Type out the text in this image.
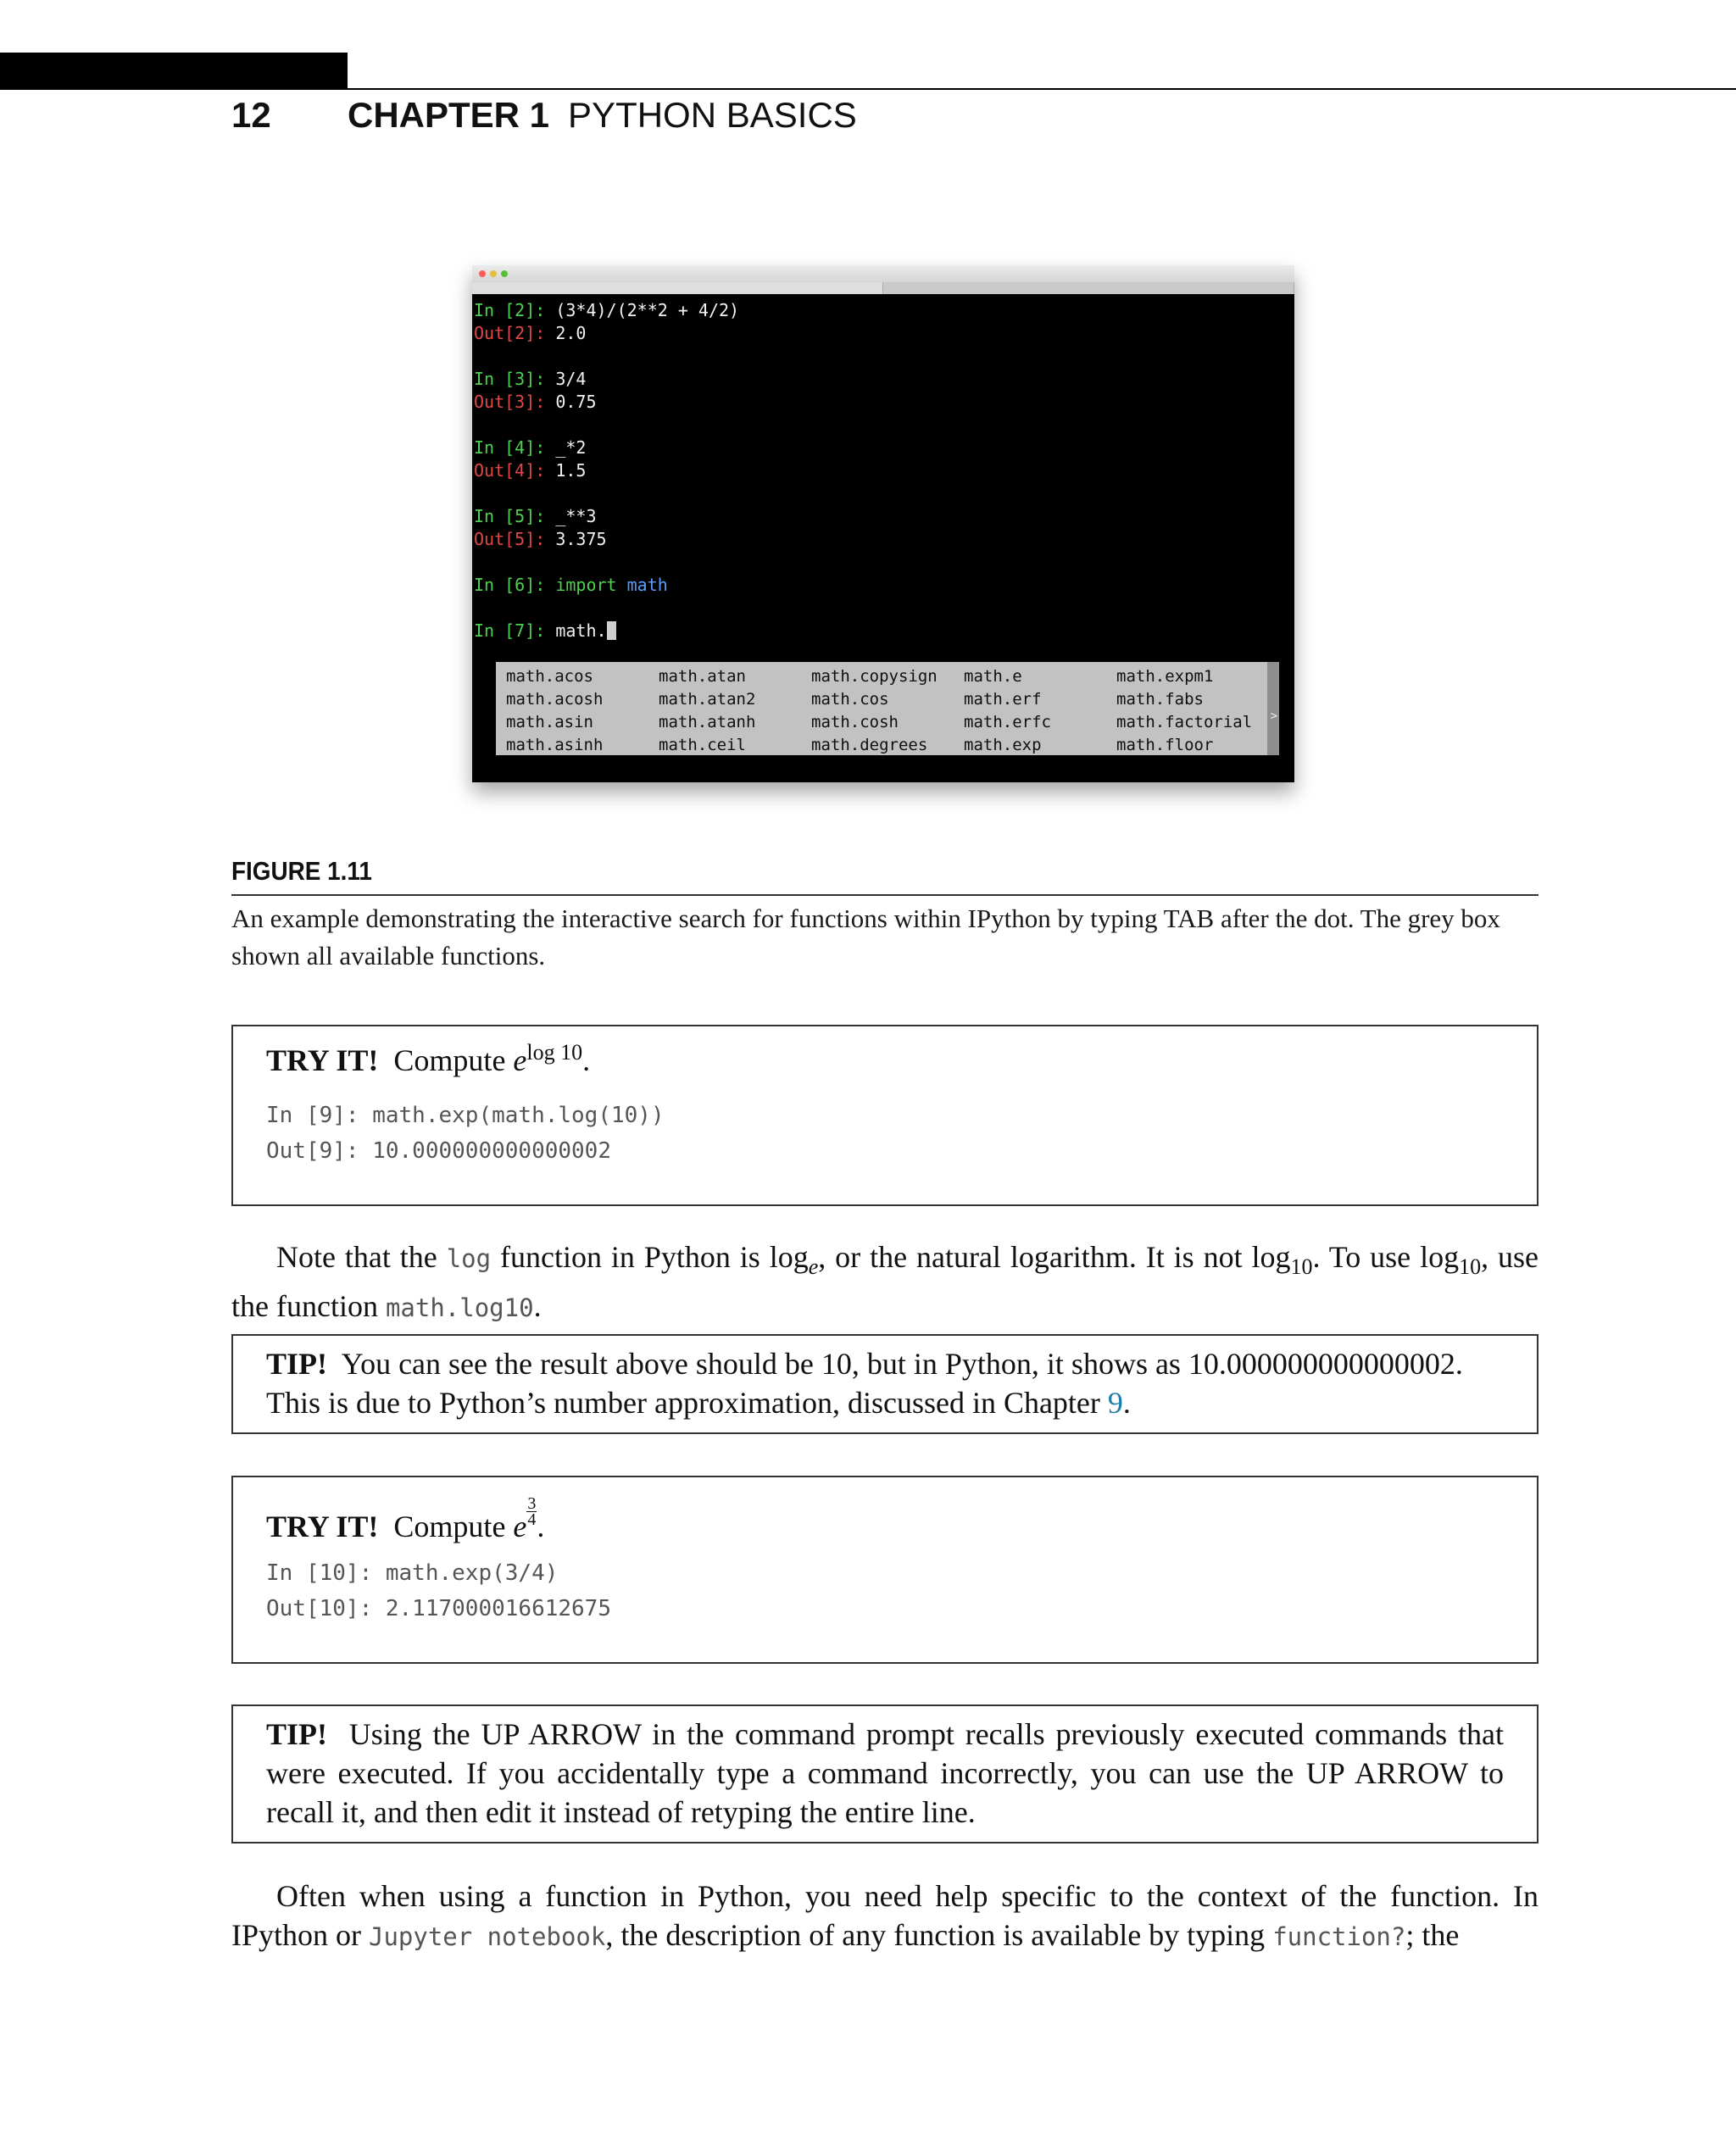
12 CHAPTER 1 PYTHON BASICS
In [2]: (3*4)/(2**2 + 4/2)
Out[2]: 2.0
In [3]: 3/4
Out[3]: 0.75
In [4]: _*2
Out[4]: 1.5
In [5]: _**3
Out[5]: 3.375
In [6]: import math
In [7]: math.
math.acos
math.acosh
math.asin
math.asinh
math.atan
math.atan2
math.atanh
math.ceil
math.copysign
math.cos
math.cosh
math.degrees
math.e
math.erf
math.erfc
math.exp
math.expm1
math.fabs
math.factorial
math.floor
>
FIGURE 1.11
An example demonstrating the interactive search for functions within IPython by typing TAB after the dot. The grey box shown all available functions.
TRY IT! Compute $e^{log 10}$.
In [9]: math.exp(math.log(10))
Out[9]: 10.000000000000002
Note that the log function in Python is $\log_e$, or the natural logarithm. It is not $\log_{10}$. To use $\log_{10}$, use the function math.log10.
TIP! You can see the result above should be 10, but in Python, it shows as 10.000000000000002. This is due to Python’s number approximation, discussed in Chapter 9.
TRY IT! Compute e $\frac{3}{4}$ .
In [10]: math.exp(3/4)
Out[10]: 2.117000016612675
TIP! Using the UP ARROW in the command prompt recalls previously executed commands that were executed. If you accidentally type a command incorrectly, you can use the UP ARROW to recall it, and then edit it instead of retyping the entire line.
Often when using a function in Python, you need help specific to the context of the function. In IPython or Jupyter notebook, the description of any function is available by typing function?; the
